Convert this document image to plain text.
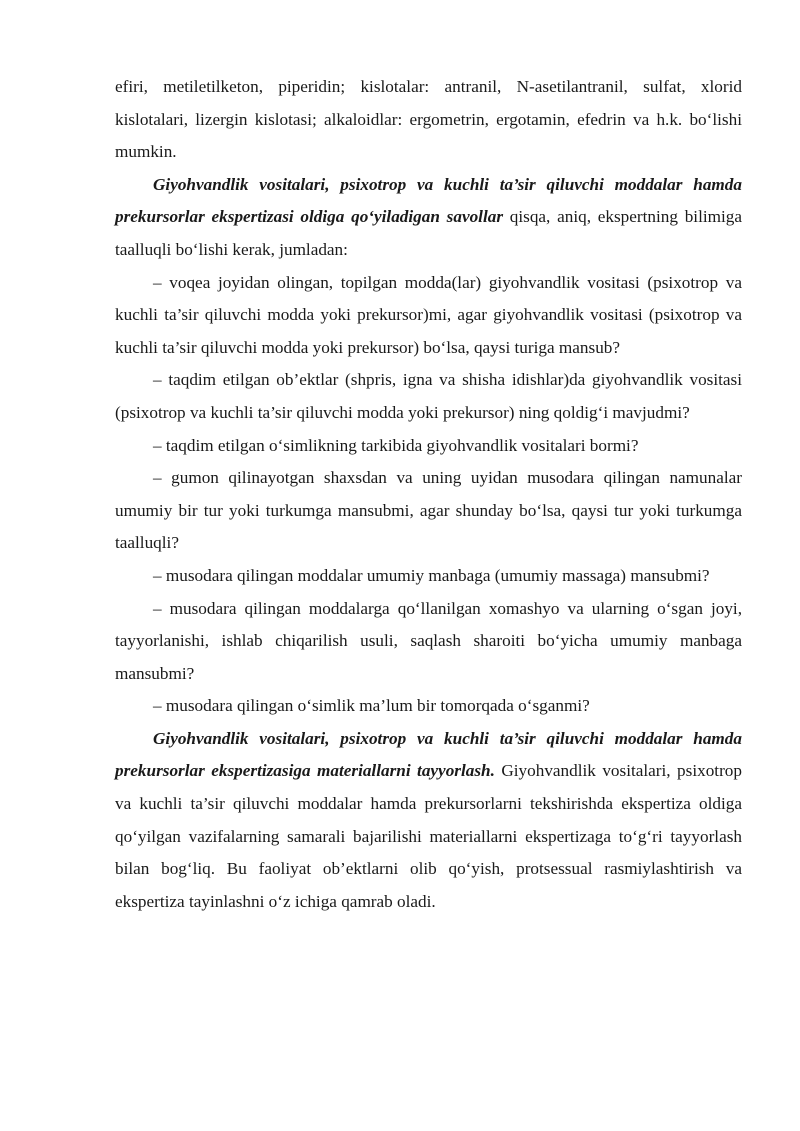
efiri, metiletilketon, piperidin; kislotalar: antranil, N-asetilantranil, sulfat, xlorid kislotalari, lizergin kislotasi; alkaloidlar: ergometrin, ergotamin, efedrin va h.k. bo‘lishi mumkin.

Giyohvandlik vositalari, psixotrop va kuchli ta’sir qiluvchi moddalar hamda prekursorlar ekspertizasi oldiga qo‘yiladigan savollar qisqa, aniq, ekspertning bilimiga taalluqli bo‘lishi kerak, jumladan:

– voqea joyidan olingan, topilgan modda(lar) giyohvandlik vositasi (psixotrop va kuchli ta’sir qiluvchi modda yoki prekursor)mi, agar giyohvandlik vositasi (psixotrop va kuchli ta’sir qiluvchi modda yoki prekursor) bo‘lsa, qaysi turiga mansub?

– taqdim etilgan ob’ektlar (shpris, igna va shisha idishlar)da giyohvandlik vositasi (psixotrop va kuchli ta’sir qiluvchi modda yoki prekursor) ning qoldig‘i mavjudmi?

– taqdim etilgan o‘simlikning tarkibida giyohvandlik vositalari bormi?

– gumon qilinayotgan shaxsdan va uning uyidan musodara qilingan namunalar umumiy bir tur yoki turkumga mansubmi, agar shunday bo‘lsa, qaysi tur yoki turkumga taalluqli?

– musodara qilingan moddalar umumiy manbaga (umumiy massaga) mansubmi?

– musodara qilingan moddalarga qo‘llanilgan xomashyo va ularning o‘sgan joyi, tayyorlanishi, ishlab chiqarilish usuli, saqlash sharoiti bo‘yicha umumiy manbaga mansubmi?

– musodara qilingan o‘simlik ma’lum bir tomorqada o‘sganmi?

Giyohvandlik vositalari, psixotrop va kuchli ta’sir qiluvchi moddalar hamda prekursorlar ekspertizasiga materiallarni tayyorlash. Giyohvandlik vositalari, psixotrop va kuchli ta’sir qiluvchi moddalar hamda prekursorlarni tekshirishda ekspertiza oldiga qo‘yilgan vazifalarning samarali bajarilishi materiallarni ekspertizaga to‘g‘ri tayyorlash bilan bog‘liq. Bu faoliyat ob’ektlarni olib qo‘yish, protsessual rasmiylashtirish va ekspertiza tayinlashni o‘z ichiga qamrab oladi.
